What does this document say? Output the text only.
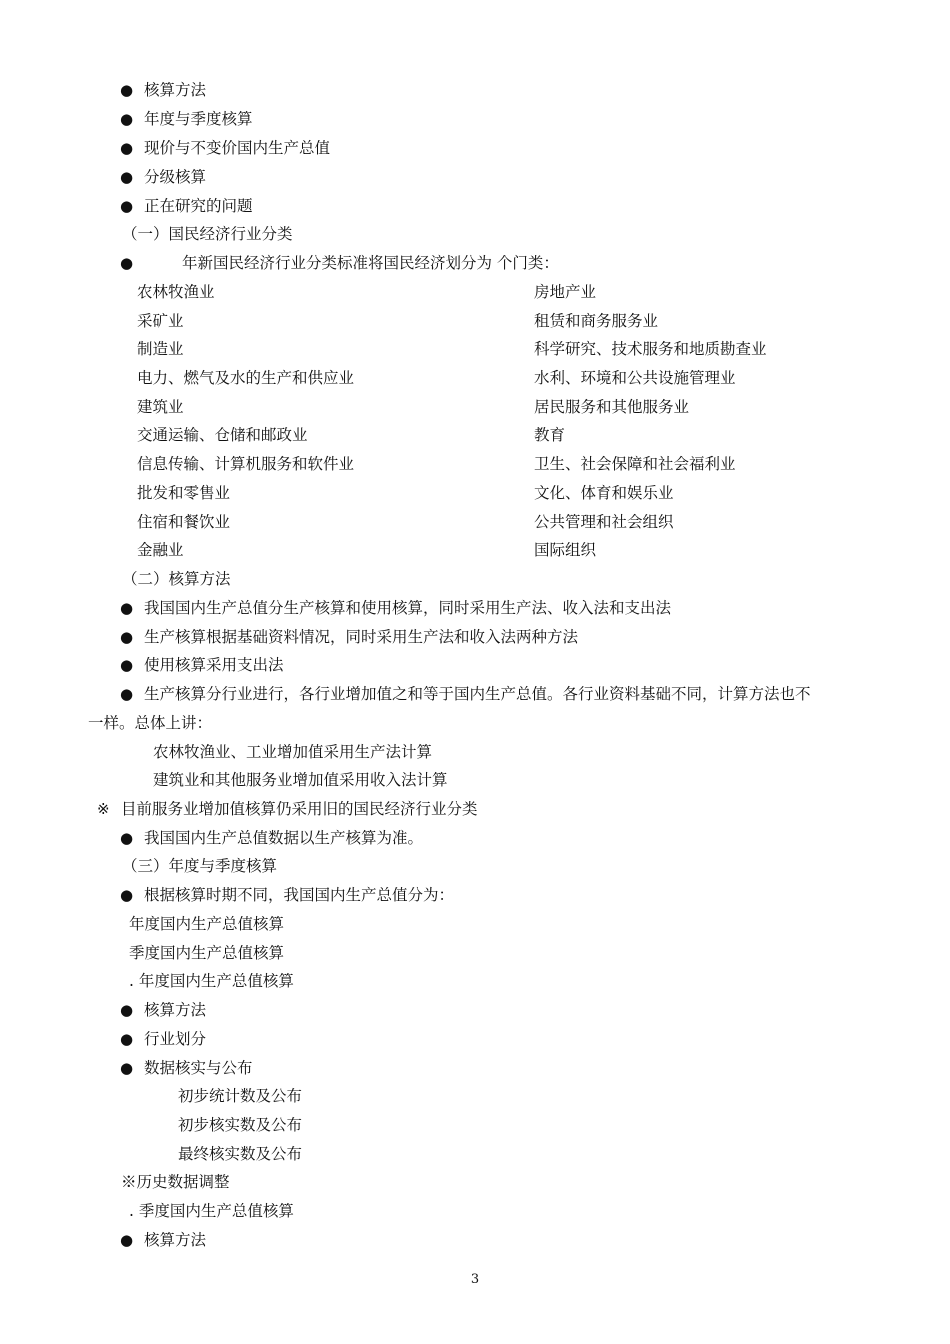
● 核算方法
● 年度与季度核算
● 现价与不变价国内生产总值
● 分级核算
● 正在研究的问题
（一）国民经济行业分类
●	年新国民经济行业分类标准将国民经济划分为 个门类：
农林牧渔业	房地产业
采矿业	租赁和商务服务业
制造业	科学研究、技术服务和地质勘查业
电力、燃气及水的生产和供应业	水利、环境和公共设施管理业
建筑业	居民服务和其他服务业
交通运输、仓储和邮政业	教育
信息传输、计算机服务和软件业	卫生、社会保障和社会福利业
批发和零售业	文化、体育和娱乐业
住宿和餐饮业	公共管理和社会组织
金融业	国际组织
（二）核算方法
● 我国国内生产总值分生产核算和使用核算，同时采用生产法、收入法和支出法
● 生产核算根据基础资料情况，同时采用生产法和收入法两种方法
● 使用核算采用支出法
● 生产核算分行业进行，各行业增加值之和等于国内生产总值。各行业资料基础不同，计算方法也不
一样。总体上讲：
农林牧渔业、工业增加值采用生产法计算
建筑业和其他服务业增加值采用收入法计算
※ 目前服务业增加值核算仍采用旧的国民经济行业分类
● 我国国内生产总值数据以生产核算为准。
（三）年度与季度核算
● 根据核算时期不同，我国国内生产总值分为：
年度国内生产总值核算
季度国内生产总值核算
. 年度国内生产总值核算
● 核算方法
● 行业划分
● 数据核实与公布
初步统计数及公布
初步核实数及公布
最终核实数及公布
※历史数据调整
. 季度国内生产总值核算
● 核算方法
3
